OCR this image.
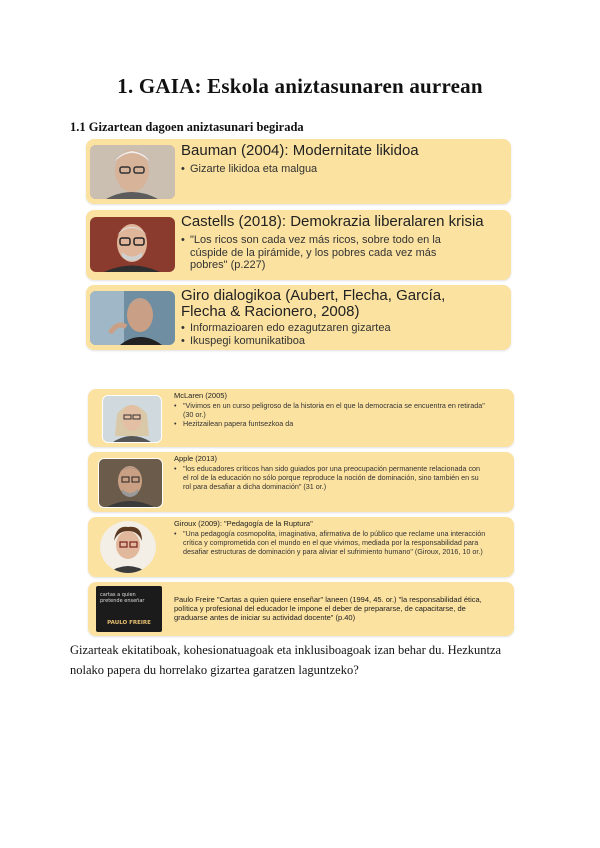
1. GAIA: Eskola aniztasunaren aurrean
1.1 Gizartean dagoen aniztasunari begirada
Bauman (2004): Modernitate likidoa
• Gizarte likidoa eta malgua
Castells (2018): Demokrazia liberalaren krisia
• "Los ricos son cada vez más ricos, sobre todo en la
cúspide de la pirámide, y los pobres cada vez más
pobres" (p.227)
Giro dialogikoa (Aubert, Flecha, García,
Flecha & Racionero, 2008)
• Informazioaren edo ezagutzaren gizartea
• Ikuspegi komunikatiboa
McLaren (2005)
• "Vivimos en un curso peligroso de la historia en el que la democracia se encuentra en retirada"
(30 or.)
• Hezitzailean papera funtsezkoa da
Apple (2013)
• "los educadores críticos han sido guiados por una preocupación permanente relacionada con
el rol de la educación no sólo porque reproduce la noción de dominación, sino también en su
rol para desafiar a dicha dominación" (31 or.)
Giroux (2009): "Pedagogía de la Ruptura"
• "Una pedagogía cosmopolita, imaginativa, afirmativa de lo público que reclame una interacción
crítica y comprometida con el mundo en el que vivimos, mediada por la responsabilidad para
desafiar estructuras de dominación y para aliviar el sufrimiento humano" (Giroux, 2016, 10 or.)
cartas a quien pretende enseñar
PAULO FREIRE
Paulo Freire "Cartas a quien quiere enseñar" laneen (1994, 45. or.) "la responsabilidad ética,
política y profesional del educador le impone el deber de prepararse, de capacitarse, de
graduarse antes de iniciar su actividad docente" (p.40)
Gizarteak ekitatiboak, kohesionatuagoak eta inklusiboagoak izan behar du. Hezkuntza nolako papera du horrelako gizartea garatzen laguntzeko?
